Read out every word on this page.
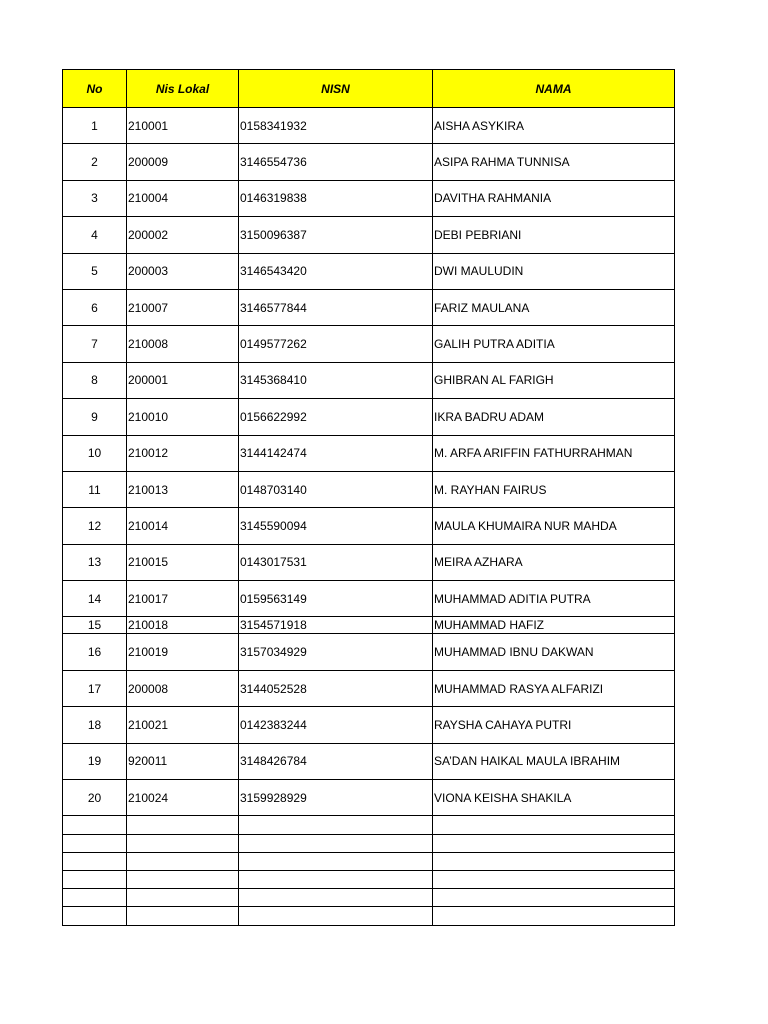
No	Nis Lokal	NISN	NAMA
1	210001	0158341932	AISHA ASYKIRA
2	200009	3146554736	ASIPA RAHMA TUNNISA
3	210004	0146319838	DAVITHA RAHMANIA
4	200002	3150096387	DEBI PEBRIANI
5	200003	3146543420	DWI MAULUDIN
6	210007	3146577844	FARIZ MAULANA
7	210008	0149577262	GALIH PUTRA ADITIA
8	200001	3145368410	GHIBRAN AL FARIGH
9	210010	0156622992	IKRA BADRU ADAM
10	210012	3144142474	M. ARFA ARIFFIN FATHURRAHMAN
11	210013	0148703140	M. RAYHAN FAIRUS
12	210014	3145590094	MAULA KHUMAIRA NUR MAHDA
13	210015	0143017531	MEIRA AZHARA
14	210017	0159563149	MUHAMMAD ADITIA PUTRA
15	210018	3154571918	MUHAMMAD HAFIZ
16	210019	3157034929	MUHAMMAD IBNU DAKWAN
17	200008	3144052528	MUHAMMAD RASYA ALFARIZI
18	210021	0142383244	RAYSHA CAHAYA PUTRI
19	920011	3148426784	SA’DAN HAIKAL MAULA IBRAHIM
20	210024	3159928929	VIONA KEISHA SHAKILA
